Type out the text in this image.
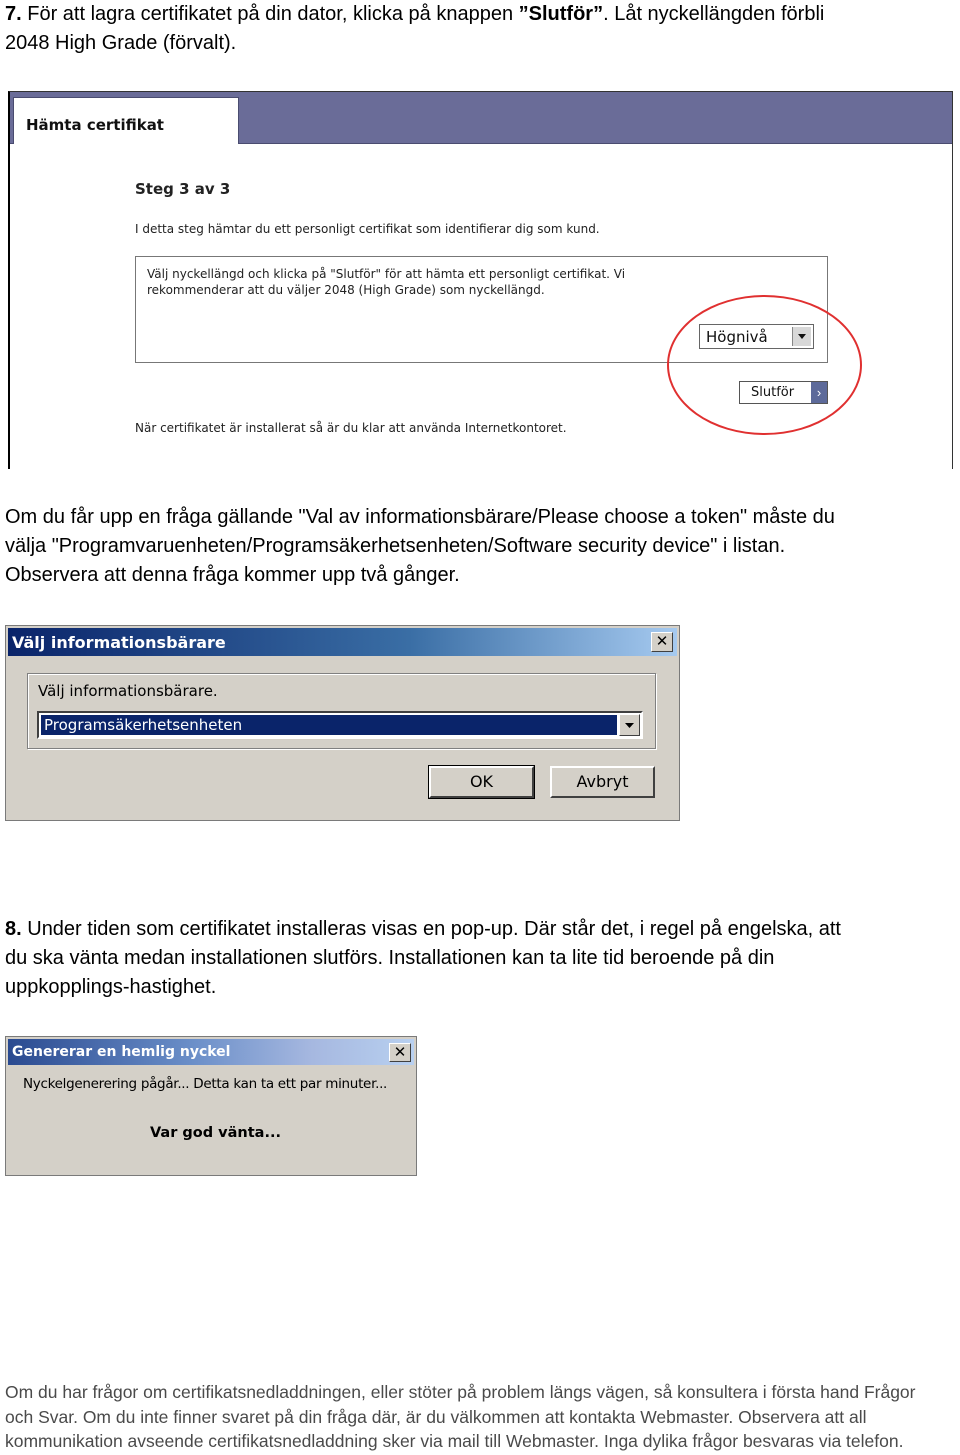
7. För att lagra certifikatet på din dator, klicka på knappen ”Slutför”. Låt nyckellängden förbli
2048 High Grade (förvalt).
Hämta certifikat
Steg 3 av 3
I detta steg hämtar du ett personligt certifikat som identifierar dig som kund.
Välj nyckellängd och klicka på "Slutför" för att hämta ett personligt certifikat. Vi
rekommenderar att du väljer 2048 (High Grade) som nyckellängd.
Högnivå
Slutför	›
När certifikatet är installerat så är du klar att använda Internetkontoret.
Om du får upp en fråga gällande "Val av informationsbärare/Please choose a token" måste du
välja "Programvaruenheten/Programsäkerhetsenheten/Software security device" i listan.
Observera att denna fråga kommer upp två gånger.
Välj informationsbärare	✕
Välj informationsbärare.
Programsäkerhetsenheten
OK	Avbryt
8. Under tiden som certifikatet installeras visas en pop-up. Där står det, i regel på engelska, att
du ska vänta medan installationen slutförs. Installationen kan ta lite tid beroende på din
uppkopplings-hastighet.
Genererar en hemlig nyckel	✕
Nyckelgenerering pågår... Detta kan ta ett par minuter...
Var god vänta...
Om du har frågor om certifikatsnedladdningen, eller stöter på problem längs vägen, så konsultera i första hand Frågor
och Svar. Om du inte finner svaret på din fråga där, är du välkommen att kontakta Webmaster. Observera att all
kommunikation avseende certifikatsnedladdning sker via mail till Webmaster. Inga dylika frågor besvaras via telefon.
